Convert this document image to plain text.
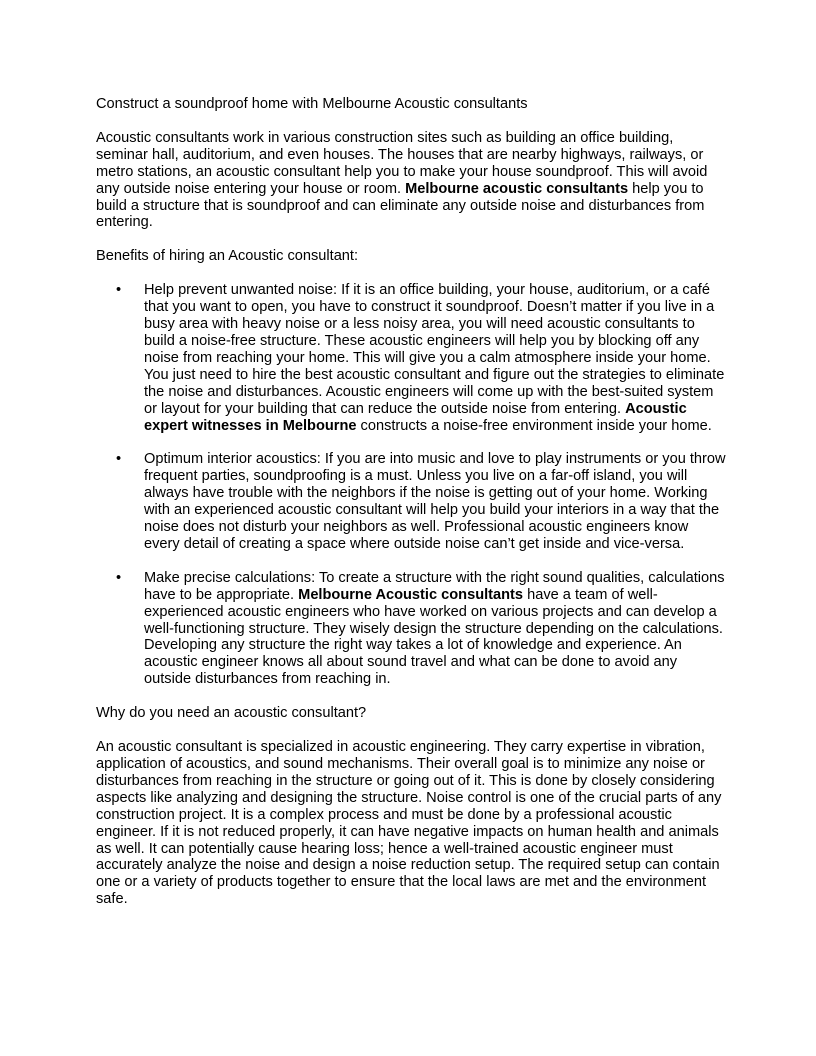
Construct a soundproof home with Melbourne Acoustic consultants

Acoustic consultants work in various construction sites such as building an office building, seminar hall, auditorium, and even houses. The houses that are nearby highways, railways, or metro stations, an acoustic consultant help you to make your house soundproof. This will avoid any outside noise entering your house or room. Melbourne acoustic consultants help you to build a structure that is soundproof and can eliminate any outside noise and disturbances from entering.

Benefits of hiring an Acoustic consultant:

• Help prevent unwanted noise: If it is an office building, your house, auditorium, or a café that you want to open, you have to construct it soundproof. Doesn’t matter if you live in a busy area with heavy noise or a less noisy area, you will need acoustic consultants to build a noise-free structure. These acoustic engineers will help you by blocking off any noise from reaching your home. This will give you a calm atmosphere inside your home. You just need to hire the best acoustic consultant and figure out the strategies to eliminate the noise and disturbances. Acoustic engineers will come up with the best-suited system or layout for your building that can reduce the outside noise from entering. Acoustic expert witnesses in Melbourne constructs a noise-free environment inside your home.
• Optimum interior acoustics: If you are into music and love to play instruments or you throw frequent parties, soundproofing is a must. Unless you live on a far-off island, you will always have trouble with the neighbors if the noise is getting out of your home. Working with an experienced acoustic consultant will help you build your interiors in a way that the noise does not disturb your neighbors as well. Professional acoustic engineers know every detail of creating a space where outside noise can’t get inside and vice-versa.
• Make precise calculations: To create a structure with the right sound qualities, calculations have to be appropriate. Melbourne Acoustic consultants have a team of well-experienced acoustic engineers who have worked on various projects and can develop a well-functioning structure. They wisely design the structure depending on the calculations. Developing any structure the right way takes a lot of knowledge and experience. An acoustic engineer knows all about sound travel and what can be done to avoid any outside disturbances from reaching in.

Why do you need an acoustic consultant?

An acoustic consultant is specialized in acoustic engineering. They carry expertise in vibration, application of acoustics, and sound mechanisms. Their overall goal is to minimize any noise or disturbances from reaching in the structure or going out of it. This is done by closely considering aspects like analyzing and designing the structure. Noise control is one of the crucial parts of any construction project. It is a complex process and must be done by a professional acoustic engineer. If it is not reduced properly, it can have negative impacts on human health and animals as well. It can potentially cause hearing loss; hence a well-trained acoustic engineer must accurately analyze the noise and design a noise reduction setup. The required setup can contain one or a variety of products together to ensure that the local laws are met and the environment safe.
